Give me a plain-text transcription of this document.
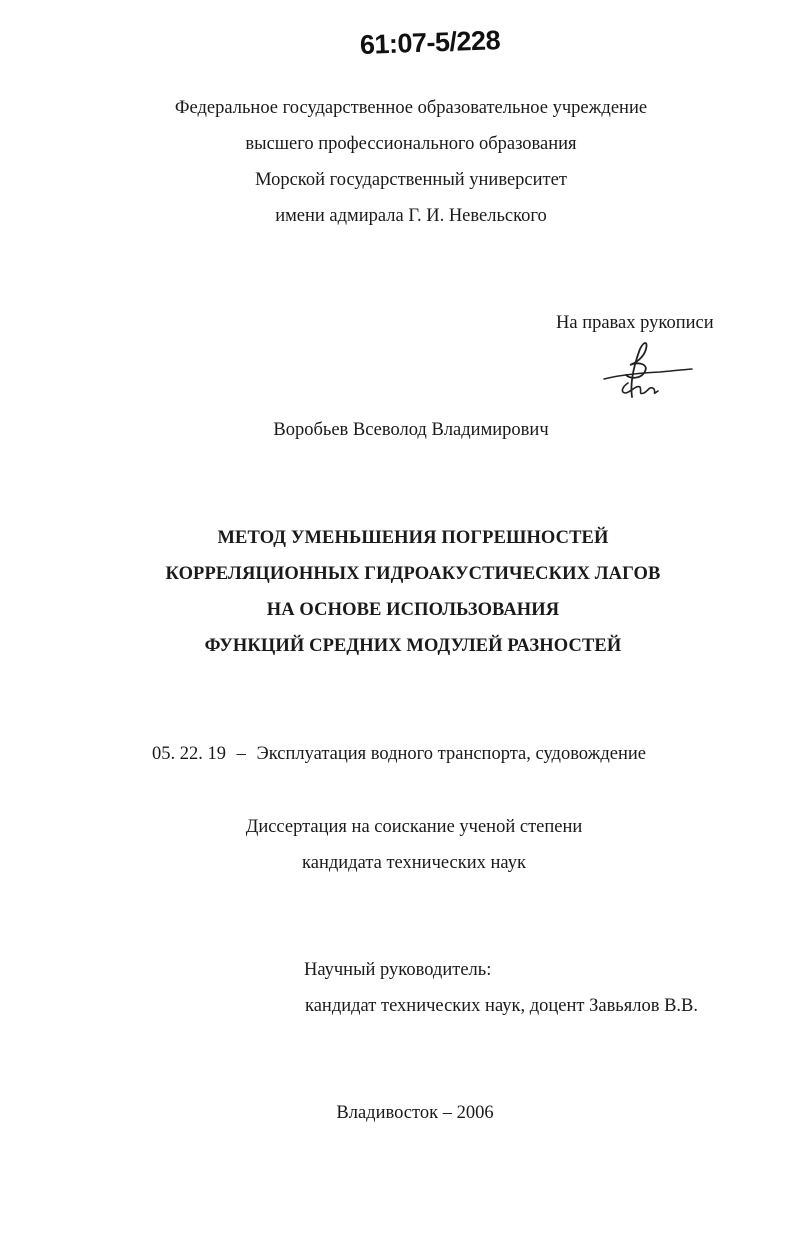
61:07-5/228
Федеральное государственное образовательное учреждение
высшего профессионального образования
Морской государственный университет
имени адмирала Г. И. Невельского
На правах рукописи
Воробьев Всеволод Владимирович
МЕТОД УМЕНЬШЕНИЯ ПОГРЕШНОСТЕЙ
КОРРЕЛЯЦИОННЫХ ГИДРОАКУСТИЧЕСКИХ ЛАГОВ
НА ОСНОВЕ ИСПОЛЬЗОВАНИЯ
ФУНКЦИЙ СРЕДНИХ МОДУЛЕЙ РАЗНОСТЕЙ
05. 22. 19 – Эксплуатация водного транспорта, судовождение
Диссертация на соискание ученой степени
кандидата технических наук
Научный руководитель:
кандидат технических наук, доцент Завьялов В.В.
Владивосток – 2006
